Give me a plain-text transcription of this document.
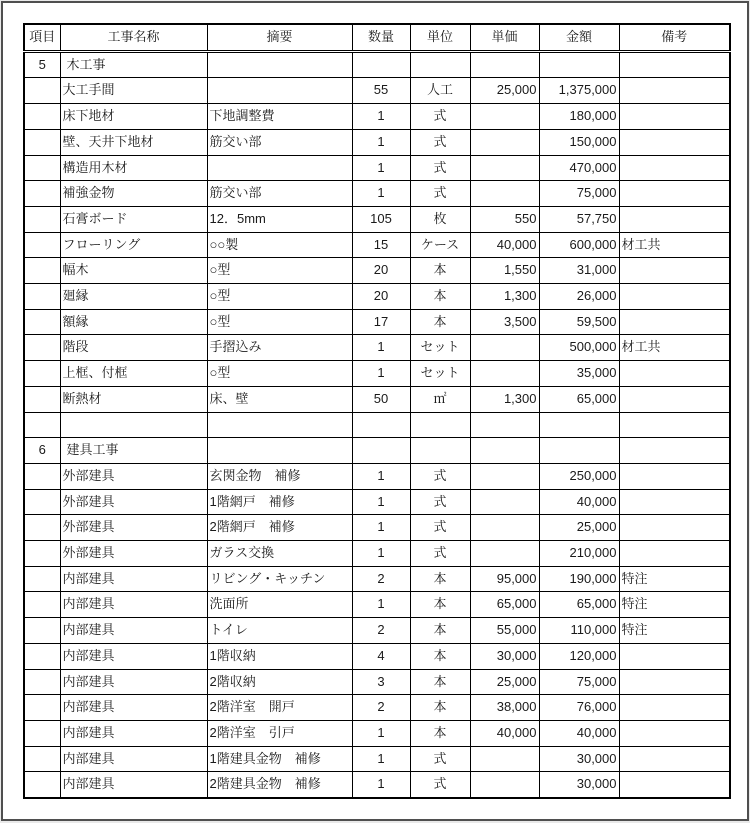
項目	工事名称	摘要	数量	単位	単価	金額	備考
5	木工事						
	大工手間		55	人工	25,000	1,375,000	
	床下地材	下地調整費	1	式		180,000	
	壁、天井下地材	筋交い部	1	式		150,000	
	構造用木材		1	式		470,000	
	補強金物	筋交い部	1	式		75,000	
	石膏ボード	12．5mm	105	枚	550	57,750	
	フローリング	○○製	15	ケース	40,000	600,000	材工共
	幅木	○型	20	本	1,550	31,000	
	廻縁	○型	20	本	1,300	26,000	
	額縁	○型	17	本	3,500	59,500	
	階段	手摺込み	1	セット		500,000	材工共
	上框、付框	○型	1	セット		35,000	
	断熱材	床、壁	50	㎡	1,300	65,000	

6	建具工事						
	外部建具	玄関金物　補修	1	式		250,000	
	外部建具	1階網戸　補修	1	式		40,000	
	外部建具	2階網戸　補修	1	式		25,000	
	外部建具	ガラス交換	1	式		210,000	
	内部建具	リビング・キッチン	2	本	95,000	190,000	特注
	内部建具	洗面所	1	本	65,000	65,000	特注
	内部建具	トイレ	2	本	55,000	110,000	特注
	内部建具	1階収納	4	本	30,000	120,000	
	内部建具	2階収納	3	本	25,000	75,000	
	内部建具	2階洋室　開戸	2	本	38,000	76,000	
	内部建具	2階洋室　引戸	1	本	40,000	40,000	
	内部建具	1階建具金物　補修	1	式		30,000	
	内部建具	2階建具金物　補修	1	式		30,000	
